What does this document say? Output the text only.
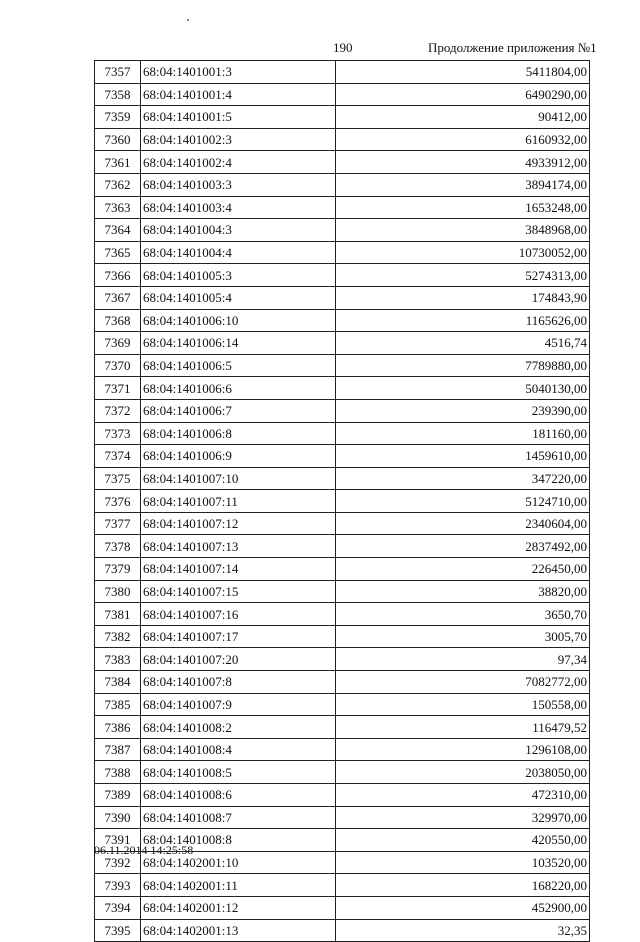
190	Продолжение приложения №1
7357	68:04:1401001:3	5411804,00
7358	68:04:1401001:4	6490290,00
7359	68:04:1401001:5	90412,00
7360	68:04:1401002:3	6160932,00
7361	68:04:1401002:4	4933912,00
7362	68:04:1401003:3	3894174,00
7363	68:04:1401003:4	1653248,00
7364	68:04:1401004:3	3848968,00
7365	68:04:1401004:4	10730052,00
7366	68:04:1401005:3	5274313,00
7367	68:04:1401005:4	174843,90
7368	68:04:1401006:10	1165626,00
7369	68:04:1401006:14	4516,74
7370	68:04:1401006:5	7789880,00
7371	68:04:1401006:6	5040130,00
7372	68:04:1401006:7	239390,00
7373	68:04:1401006:8	181160,00
7374	68:04:1401006:9	1459610,00
7375	68:04:1401007:10	347220,00
7376	68:04:1401007:11	5124710,00
7377	68:04:1401007:12	2340604,00
7378	68:04:1401007:13	2837492,00
7379	68:04:1401007:14	226450,00
7380	68:04:1401007:15	38820,00
7381	68:04:1401007:16	3650,70
7382	68:04:1401007:17	3005,70
7383	68:04:1401007:20	97,34
7384	68:04:1401007:8	7082772,00
7385	68:04:1401007:9	150558,00
7386	68:04:1401008:2	116479,52
7387	68:04:1401008:4	1296108,00
7388	68:04:1401008:5	2038050,00
7389	68:04:1401008:6	472310,00
7390	68:04:1401008:7	329970,00
7391	68:04:1401008:8	420550,00
7392	68:04:1402001:10	103520,00
7393	68:04:1402001:11	168220,00
7394	68:04:1402001:12	452900,00
7395	68:04:1402001:13	32,35
06.11.2014 14:25:58
